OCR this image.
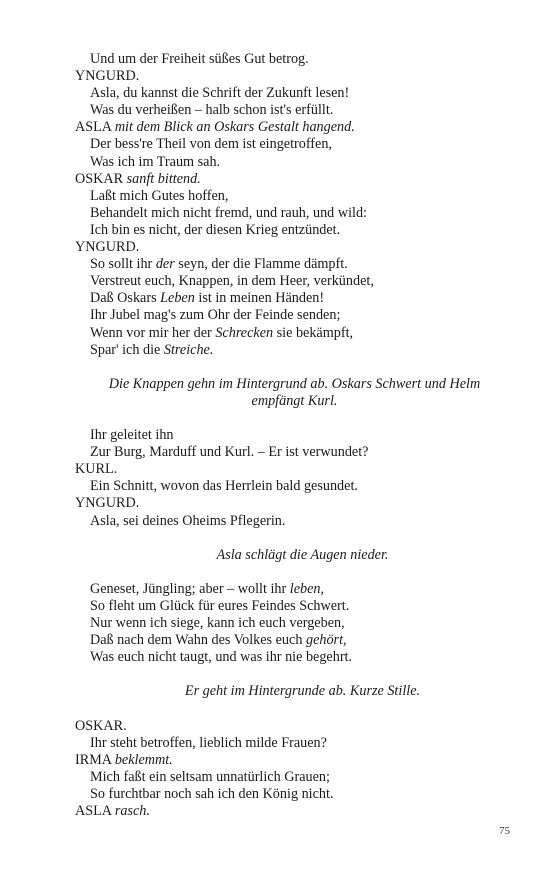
Und um der Freiheit süßes Gut betrog.
YNGURD.
Asla, du kannst die Schrift der Zukunft lesen!
Was du verheißen – halb schon ist's erfüllt.
ASLA mit dem Blick an Oskars Gestalt hangend.
Der bess're Theil von dem ist eingetroffen,
Was ich im Traum sah.
OSKAR sanft bittend.
Laßt mich Gutes hoffen,
Behandelt mich nicht fremd, und rauh, und wild:
Ich bin es nicht, der diesen Krieg entzündet.
YNGURD.
So sollt ihr der seyn, der die Flamme dämpft.
Verstreut euch, Knappen, in dem Heer, verkündet,
Daß Oskars Leben ist in meinen Händen!
Ihr Jubel mag's zum Ohr der Feinde senden;
Wenn vor mir her der Schrecken sie bekämpft,
Spar' ich die Streiche.
Die Knappen gehn im Hintergrund ab. Oskars Schwert und Helm empfängt Kurl.
Ihr geleitet ihn
Zur Burg, Marduff und Kurl. – Er ist verwundet?
KURL.
Ein Schnitt, wovon das Herrlein bald gesundet.
YNGURD.
Asla, sei deines Oheims Pflegerin.
Asla schlägt die Augen nieder.
Geneset, Jüngling; aber – wollt ihr leben,
So fleht um Glück für eures Feindes Schwert.
Nur wenn ich siege, kann ich euch vergeben,
Daß nach dem Wahn des Volkes euch gehört,
Was euch nicht taugt, und was ihr nie begehrt.
Er geht im Hintergrunde ab. Kurze Stille.
OSKAR.
Ihr steht betroffen, lieblich milde Frauen?
IRMA beklemmt.
Mich faßt ein seltsam unnatürlich Grauen;
So furchtbar noch sah ich den König nicht.
ASLA rasch.
75
